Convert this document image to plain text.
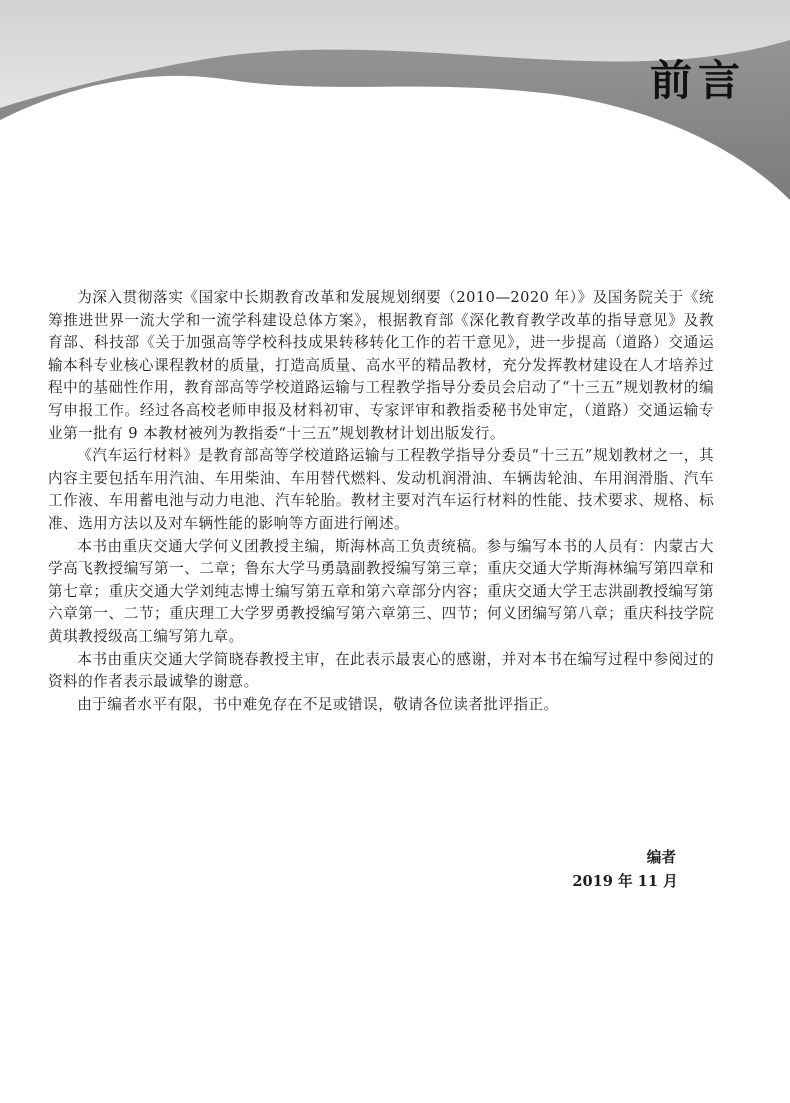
前言

为深入贯彻落实《国家中长期教育改革和发展规划纲要（2010—2020 年）》及国务院关于《统筹推进世界一流大学和一流学科建设总体方案》，根据教育部《深化教育教学改革的指导意见》及教育部、科技部《关于加强高等学校科技成果转移转化工作的若干意见》，进一步提高（道路）交通运输本科专业核心课程教材的质量，打造高质量、高水平的精品教材，充分发挥教材建设在人才培养过程中的基础性作用，教育部高等学校道路运输与工程教学指导分委员会启动了“十三五”规划教材的编写申报工作。经过各高校老师申报及材料初审、专家评审和教指委秘书处审定，（道路）交通运输专业第一批有 9 本教材被列为教指委“十三五”规划教材计划出版发行。

《汽车运行材料》是教育部高等学校道路运输与工程教学指导分委员“十三五”规划教材之一，其内容主要包括车用汽油、车用柴油、车用替代燃料、发动机润滑油、车辆齿轮油、车用润滑脂、汽车工作液、车用蓄电池与动力电池、汽车轮胎。教材主要对汽车运行材料的性能、技术要求、规格、标准、选用方法以及对车辆性能的影响等方面进行阐述。

本书由重庆交通大学何义团教授主编，斯海林高工负责统稿。参与编写本书的人员有：内蒙古大学高飞教授编写第一、二章；鲁东大学马勇骉副教授编写第三章；重庆交通大学斯海林编写第四章和第七章；重庆交通大学刘纯志博士编写第五章和第六章部分内容；重庆交通大学王志洪副教授编写第六章第一、二节；重庆理工大学罗勇教授编写第六章第三、四节；何义团编写第八章；重庆科技学院黄琪教授级高工编写第九章。

本书由重庆交通大学简晓春教授主审，在此表示最衷心的感谢，并对本书在编写过程中参阅过的资料的作者表示最诚挚的谢意。

由于编者水平有限，书中难免存在不足或错误，敬请各位读者批评指正。

编者
2019 年 11 月
